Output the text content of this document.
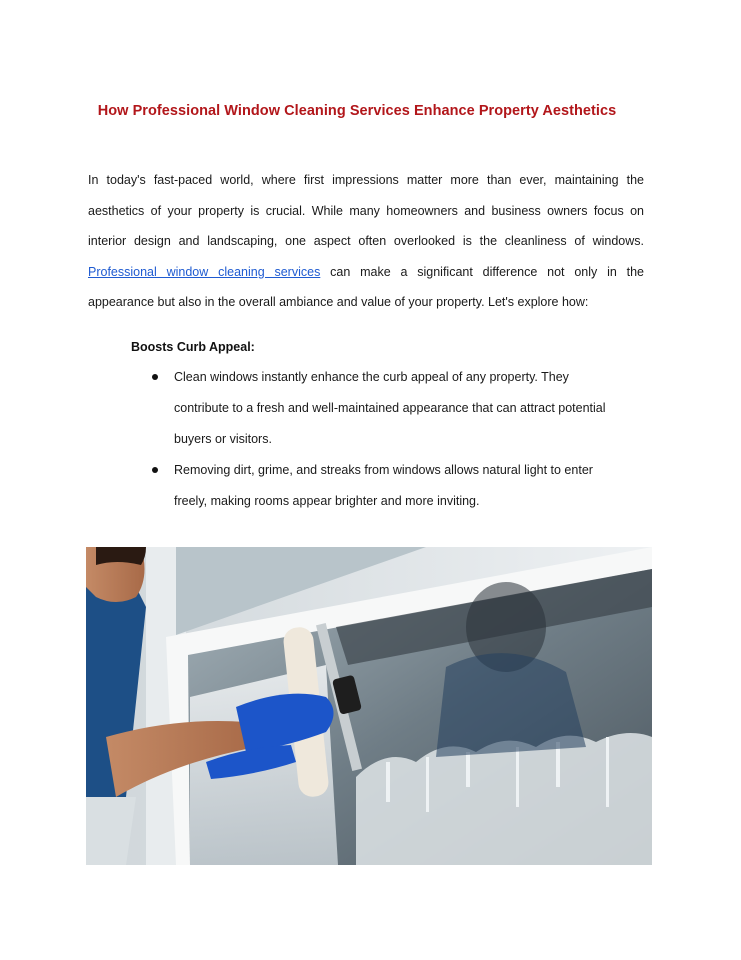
How Professional Window Cleaning Services Enhance Property Aesthetics
In today's fast-paced world, where first impressions matter more than ever, maintaining the
aesthetics of your property is crucial. While many homeowners and business owners focus on
interior design and landscaping, one aspect often overlooked is the cleanliness of windows.
Professional window cleaning services can make a significant difference not only in the
appearance but also in the overall ambiance and value of your property. Let's explore how:
Boosts Curb Appeal:
Clean windows instantly enhance the curb appeal of any property. They
contribute to a fresh and well-maintained appearance that can attract potential
buyers or visitors.
Removing dirt, grime, and streaks from windows allows natural light to enter
freely, making rooms appear brighter and more inviting.
